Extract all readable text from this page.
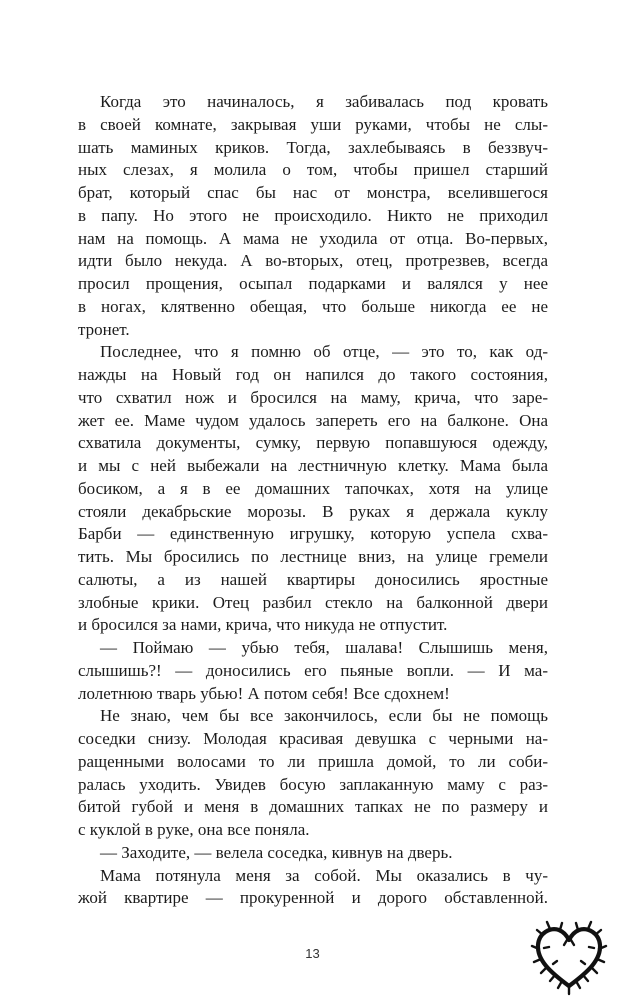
Когда это начиналось, я забивалась под кровать
в своей комнате, закрывая уши руками, чтобы не слы-
шать маминых криков. Тогда, захлебываясь в беззвуч-
ных слезах, я молила о том, чтобы пришел старший
брат, который спас бы нас от монстра, вселившегося
в папу. Но этого не происходило. Никто не приходил
нам на помощь. А мама не уходила от отца. Во-первых,
идти было некуда. А во-вторых, отец, протрезвев, всегда
просил прощения, осыпал подарками и валялся у нее
в ногах, клятвенно обещая, что больше никогда ее не
тронет.
Последнее, что я помню об отце, — это то, как од-
нажды на Новый год он напился до такого состояния,
что схватил нож и бросился на маму, крича, что заре-
жет ее. Маме чудом удалось запереть его на балконе. Она
схватила документы, сумку, первую попавшуюся одежду,
и мы с ней выбежали на лестничную клетку. Мама была
босиком, а я в ее домашних тапочках, хотя на улице
стояли декабрьские морозы. В руках я держала куклу
Барби — единственную игрушку, которую успела схва-
тить. Мы бросились по лестнице вниз, на улице гремели
салюты, а из нашей квартиры доносились яростные
злобные крики. Отец разбил стекло на балконной двери
и бросился за нами, крича, что никуда не отпустит.
— Поймаю — убью тебя, шалава! Слышишь меня,
слышишь?! — доносились его пьяные вопли. — И ма-
лолетнюю тварь убью! А потом себя! Все сдохнем!
Не знаю, чем бы все закончилось, если бы не помощь
соседки снизу. Молодая красивая девушка с черными на-
ращенными волосами то ли пришла домой, то ли соби-
ралась уходить. Увидев босую заплаканную маму с раз-
битой губой и меня в домашних тапках не по размеру и
с куклой в руке, она все поняла.
— Заходите, — велела соседка, кивнув на дверь.
Мама потянула меня за собой. Мы оказались в чу-
жой квартире — прокуренной и дорого обставленной.
13
